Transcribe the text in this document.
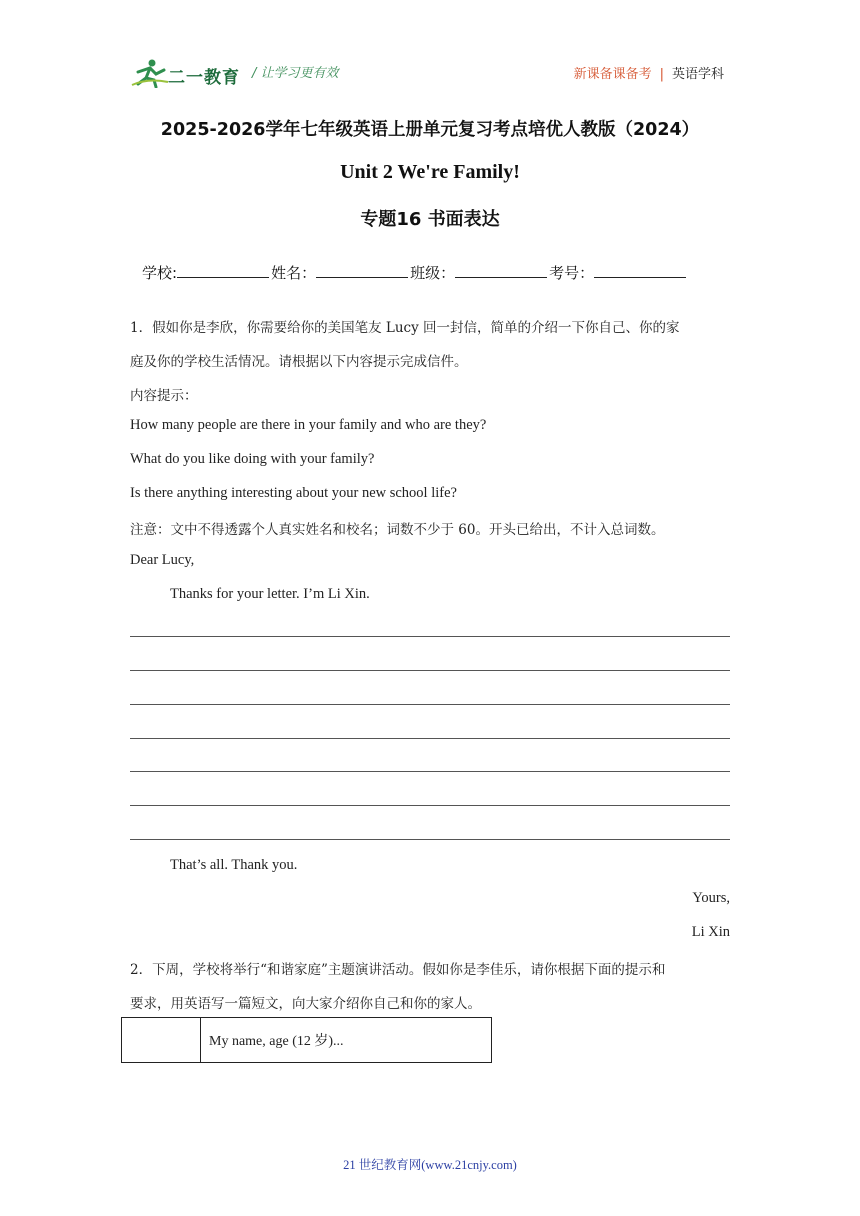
二一教育 / 让学习更有效	新课备课备考 | 英语学科
2025-2026学年七年级英语上册单元复习考点培优人教版（2024）
Unit 2 We're Family!
专题16 书面表达
学校:	姓名：	班级：	考号：
1．假如你是李欣，你需要给你的美国笔友 Lucy 回一封信，简单的介绍一下你自己、你的家
庭及你的学校生活情况。请根据以下内容提示完成信件。
内容提示：
How many people are there in your family and who are they?
What do you like doing with your family?
Is there anything interesting about your new school life?
注意：文中不得透露个人真实姓名和校名；词数不少于 60。开头已给出，不计入总词数。
Dear Lucy,
Thanks for your letter. I’m Li Xin.
That’s all. Thank you.
Yours,
Li Xin
2．下周，学校将举行“和谐家庭”主题演讲活动。假如你是李佳乐，请你根据下面的提示和
要求，用英语写一篇短文，向大家介绍你自己和你的家人。
	My name, age (12 岁)...
21 世纪教育网(www.21cnjy.com)
